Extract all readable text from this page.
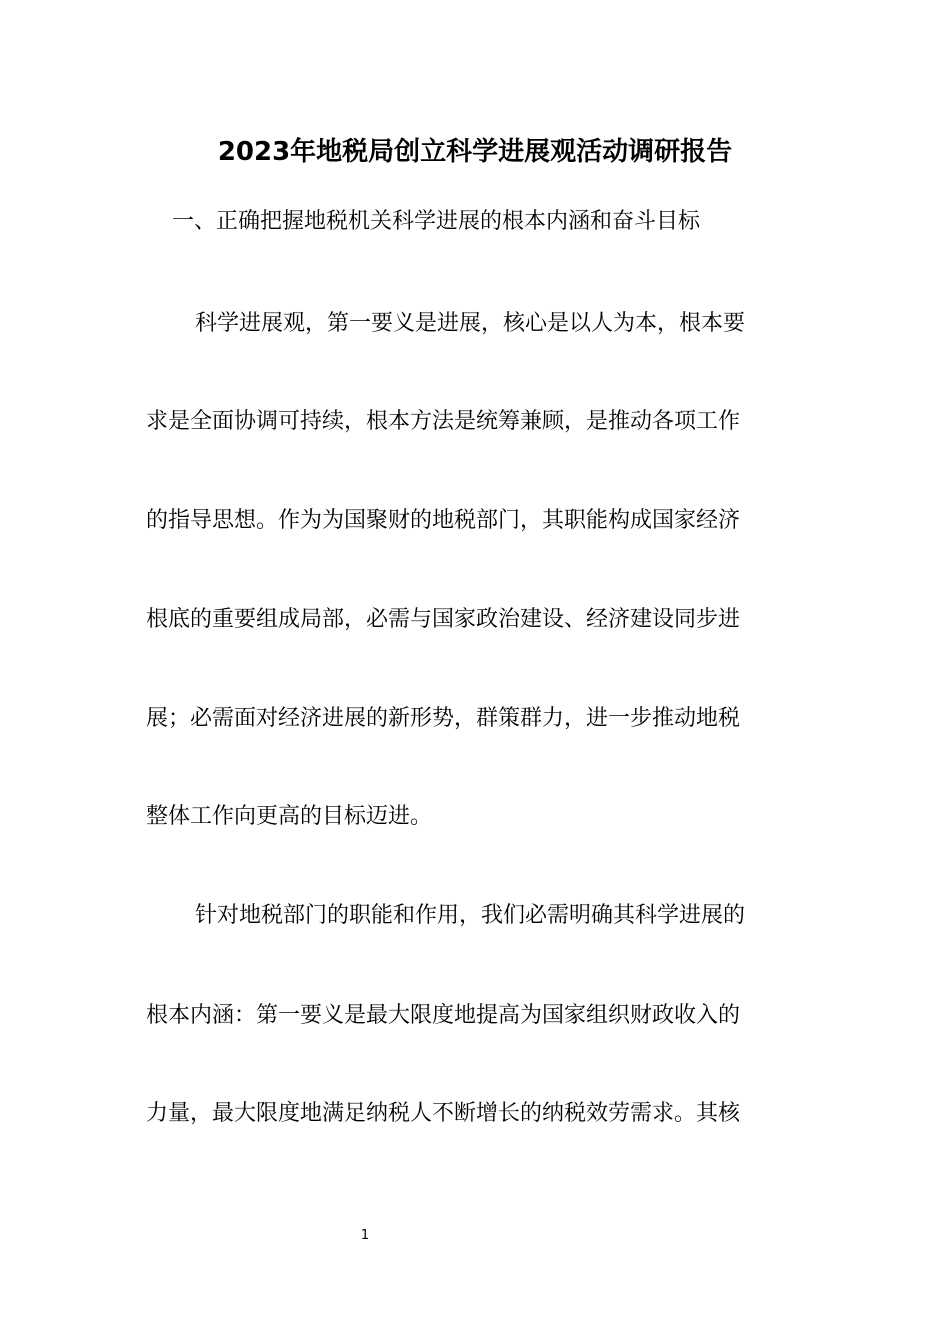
2023年地税局创立科学进展观活动调研报告
一、正确把握地税机关科学进展的根本内涵和奋斗目标
科学进展观，第一要义是进展，核心是以人为本，根本要
求是全面协调可持续，根本方法是统筹兼顾，是推动各项工作
的指导思想。作为为国聚财的地税部门，其职能构成国家经济
根底的重要组成局部，必需与国家政治建设、经济建设同步进
展；必需面对经济进展的新形势，群策群力，进一步推动地税
整体工作向更高的目标迈进。
针对地税部门的职能和作用，我们必需明确其科学进展的
根本内涵：第一要义是最大限度地提高为国家组织财政收入的
力量，最大限度地满足纳税人不断增长的纳税效劳需求。其核
1
